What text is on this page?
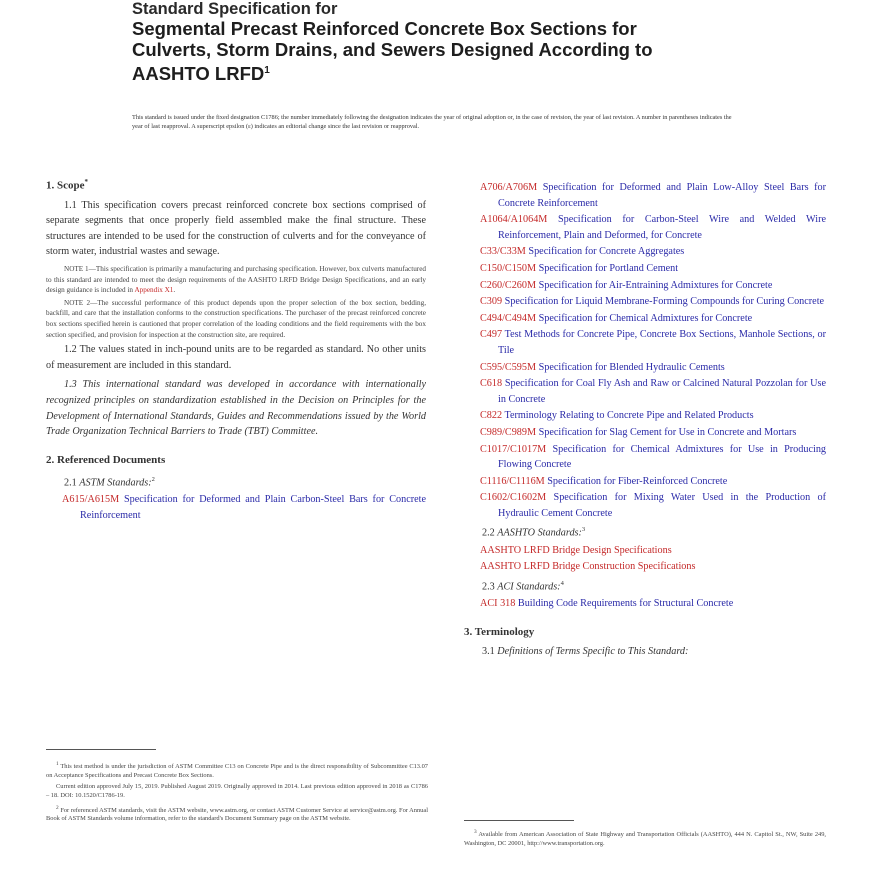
Standard Specification for
Segmental Precast Reinforced Concrete Box Sections for
Culverts, Storm Drains, and Sewers Designed According to
AASHTO LRFD$^1$
This standard is issued under the fixed designation C1786; the number immediately following the designation indicates the year of original adoption or, in the case of revision, the year of last revision. A number in parentheses indicates the year of last reapproval. A superscript epsilon (ε) indicates an editorial change since the last revision or reapproval.
1. Scope*

1.1 This specification covers precast reinforced concrete box sections comprised of separate segments that once properly field assembled make the final structure. These structures are intended to be used for the construction of culverts and for the conveyance of storm water, industrial wastes and sewage.

NOTE 1—This specification is primarily a manufacturing and purchasing specification. However, box culverts manufactured to this standard are intended to meet the design requirements of the AASHTO LRFD Bridge Design Specifications, and an early design guidance is included in Appendix X1.

NOTE 2—The successful performance of this product depends upon the proper selection of the box section, bedding, backfill, and care that the installation conforms to the construction specifications. The purchaser of the precast reinforced concrete box sections specified herein is cautioned that proper correlation of the loading conditions and the field requirements with the box section specified, and provision for inspection at the construction site, are required.

1.2 The values stated in inch-pound units are to be regarded as standard. No other units of measurement are included in this standard.

1.3 This international standard was developed in accordance with internationally recognized principles on standardization established in the Decision on Principles for the Development of International Standards, Guides and Recommendations issued by the World Trade Organization Technical Barriers to Trade (TBT) Committee.

2. Referenced Documents
2.1 ASTM Standards:$^2$
A615/A615M Specification for Deformed and Plain Carbon-Steel Bars for Concrete Reinforcement
$^1$ This test method is under the jurisdiction of ASTM Committee C13 on Concrete Pipe and is the direct responsibility of Subcommittee C13.07 on Acceptance Specifications and Precast Concrete Box Sections.
Current edition approved July 15, 2019. Published August 2019. Originally approved in 2014. Last previous edition approved in 2018 as C1786 – 18. DOI: 10.1520/C1786-19.
$^2$ For referenced ASTM standards, visit the ASTM website, www.astm.org, or contact ASTM Customer Service at service@astm.org. For Annual Book of ASTM Standards volume information, refer to the standard's Document Summary page on the ASTM website.
A706/A706M Specification for Deformed and Plain Low-Alloy Steel Bars for Concrete Reinforcement
A1064/A1064M Specification for Carbon-Steel Wire and Welded Wire Reinforcement, Plain and Deformed, for Concrete
C33/C33M Specification for Concrete Aggregates
C150/C150M Specification for Portland Cement
C260/C260M Specification for Air-Entraining Admixtures for Concrete
C309 Specification for Liquid Membrane-Forming Compounds for Curing Concrete
C494/C494M Specification for Chemical Admixtures for Concrete
C497 Test Methods for Concrete Pipe, Concrete Box Sections, Manhole Sections, or Tile
C595/C595M Specification for Blended Hydraulic Cements
C618 Specification for Coal Fly Ash and Raw or Calcined Natural Pozzolan for Use in Concrete
C822 Terminology Relating to Concrete Pipe and Related Products
C989/C989M Specification for Slag Cement for Use in Concrete and Mortars
C1017/C1017M Specification for Chemical Admixtures for Use in Producing Flowing Concrete
C1116/C1116M Specification for Fiber-Reinforced Concrete
C1602/C1602M Specification for Mixing Water Used in the Production of Hydraulic Cement Concrete
2.2 AASHTO Standards:$^3$
AASHTO LRFD Bridge Design Specifications
AASHTO LRFD Bridge Construction Specifications
2.3 ACI Standards:$^4$
ACI 318 Building Code Requirements for Structural Concrete
3. Terminology
3.1 Definitions of Terms Specific to This Standard:
$^3$ Available from American Association of State Highway and Transportation Officials (AASHTO), 444 N. Capitol St., NW, Suite 249, Washington, DC 20001, http://www.transportation.org.
